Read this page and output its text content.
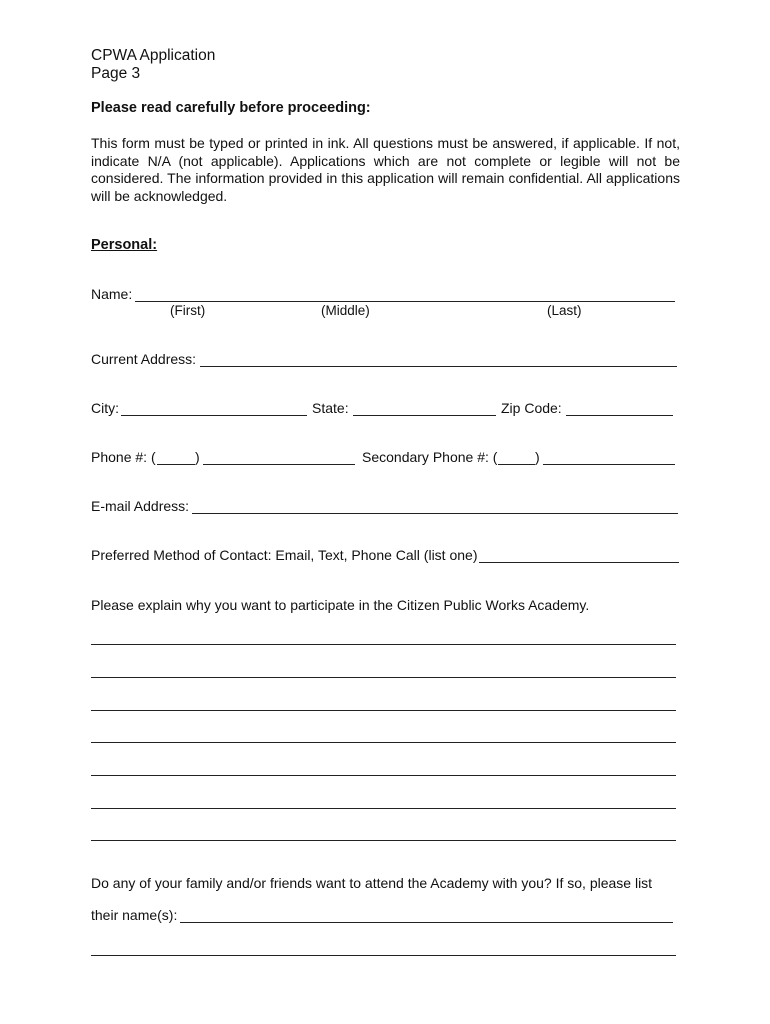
CPWA Application
Page 3
Please read carefully before proceeding:
This form must be typed or printed in ink. All questions must be answered, if applicable. If not, indicate N/A (not applicable). Applications which are not complete or legible will not be considered. The information provided in this application will remain confidential. All applications will be acknowledged.
Personal:
Name:
(First)	(Middle)	(Last)
Current Address:
City:	State:	Zip Code:
Phone #: (	)	Secondary Phone #: (	)
E-mail Address:
Preferred Method of Contact: Email, Text, Phone Call (list one)
Please explain why you want to participate in the Citizen Public Works Academy.
Do any of your family and/or friends want to attend the Academy with you? If so, please list
their name(s):
